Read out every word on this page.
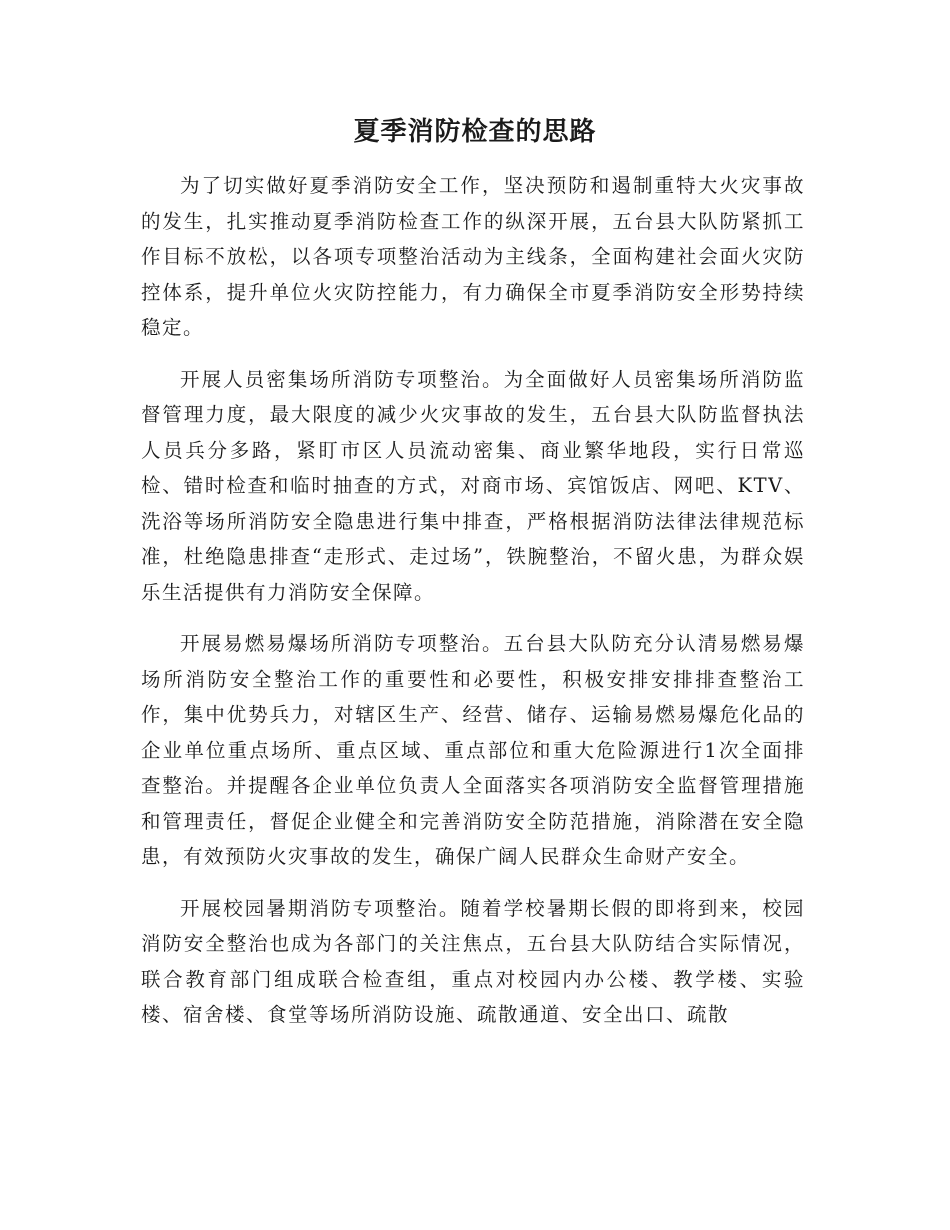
夏季消防检查的思路

为了切实做好夏季消防安全工作，坚决预防和遏制重特大火灾事故的发生，扎实推动夏季消防检查工作的纵深开展，五台县大队防紧抓工作目标不放松，以各项专项整治活动为主线条，全面构建社会面火灾防控体系，提升单位火灾防控能力，有力确保全市夏季消防安全形势持续稳定。

开展人员密集场所消防专项整治。为全面做好人员密集场所消防监督管理力度，最大限度的减少火灾事故的发生，五台县大队防监督执法人员兵分多路，紧盯市区人员流动密集、商业繁华地段，实行日常巡检、错时检查和临时抽查的方式，对商市场、宾馆饭店、网吧、KTV、洗浴等场所消防安全隐患进行集中排查，严格根据消防法律法律规范标准，杜绝隐患排查“走形式、走过场”，铁腕整治，不留火患，为群众娱乐生活提供有力消防安全保障。

开展易燃易爆场所消防专项整治。五台县大队防充分认清易燃易爆场所消防安全整治工作的重要性和必要性，积极安排安排排查整治工作，集中优势兵力，对辖区生产、经营、储存、运输易燃易爆危化品的企业单位重点场所、重点区域、重点部位和重大危险源进行1次全面排查整治。并提醒各企业单位负责人全面落实各项消防安全监督管理措施和管理责任，督促企业健全和完善消防安全防范措施，消除潜在安全隐患，有效预防火灾事故的发生，确保广阔人民群众生命财产安全。

开展校园暑期消防专项整治。随着学校暑期长假的即将到来，校园消防安全整治也成为各部门的关注焦点，五台县大队防结合实际情况，联合教育部门组成联合检查组，重点对校园内办公楼、教学楼、实验楼、宿舍楼、食堂等场所消防设施、疏散通道、安全出口、疏散
